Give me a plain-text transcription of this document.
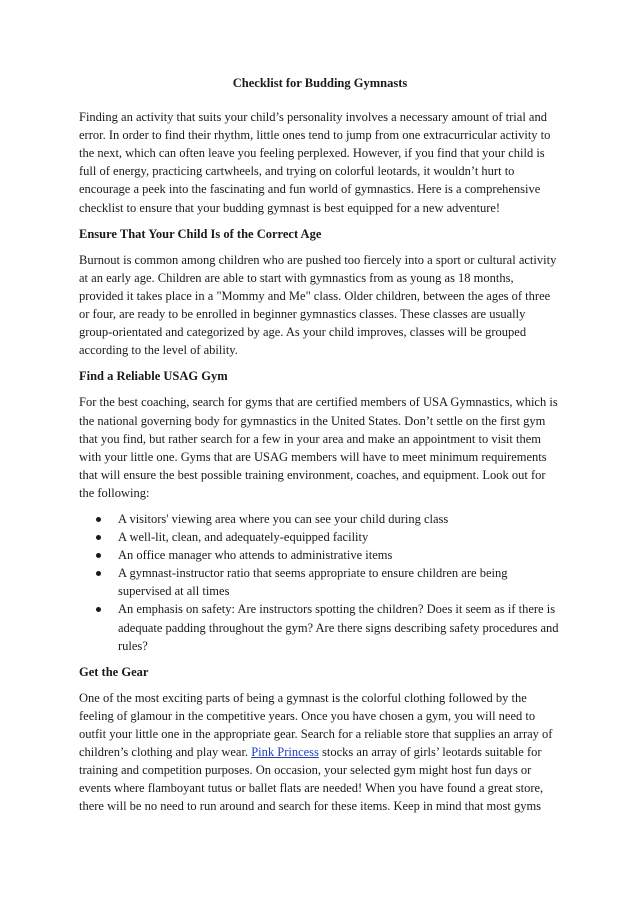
Checklist for Budding Gymnasts

Finding an activity that suits your child’s personality involves a necessary amount of trial and error. In order to find their rhythm, little ones tend to jump from one extracurricular activity to the next, which can often leave you feeling perplexed. However, if you find that your child is full of energy, practicing cartwheels, and trying on colorful leotards, it wouldn’t hurt to encourage a peek into the fascinating and fun world of gymnastics. Here is a comprehensive checklist to ensure that your budding gymnast is best equipped for a new adventure!

Ensure That Your Child Is of the Correct Age

Burnout is common among children who are pushed too fiercely into a sport or cultural activity at an early age. Children are able to start with gymnastics from as young as 18 months, provided it takes place in a "Mommy and Me" class. Older children, between the ages of three or four, are ready to be enrolled in beginner gymnastics classes. These classes are usually group-orientated and categorized by age. As your child improves, classes will be grouped according to the level of ability.

Find a Reliable USAG Gym

For the best coaching, search for gyms that are certified members of USA Gymnastics, which is the national governing body for gymnastics in the United States. Don’t settle on the first gym that you find, but rather search for a few in your area and make an appointment to visit them with your little one. Gyms that are USAG members will have to meet minimum requirements that will ensure the best possible training environment, coaches, and equipment. Look out for the following:

A visitors' viewing area where you can see your child during class
A well-lit, clean, and adequately-equipped facility
An office manager who attends to administrative items
A gymnast-instructor ratio that seems appropriate to ensure children are being supervised at all times
An emphasis on safety: Are instructors spotting the children? Does it seem as if there is adequate padding throughout the gym? Are there signs describing safety procedures and rules?
Get the Gear

One of the most exciting parts of being a gymnast is the colorful clothing followed by the feeling of glamour in the competitive years. Once you have chosen a gym, you will need to outfit your little one in the appropriate gear. Search for a reliable store that supplies an array of children’s clothing and play wear. Pink Princess stocks an array of girls’ leotards suitable for training and competition purposes. On occasion, your selected gym might host fun days or events where flamboyant tutus or ballet flats are needed! When you have found a great store, there will be no need to run around and search for these items. Keep in mind that most gyms
